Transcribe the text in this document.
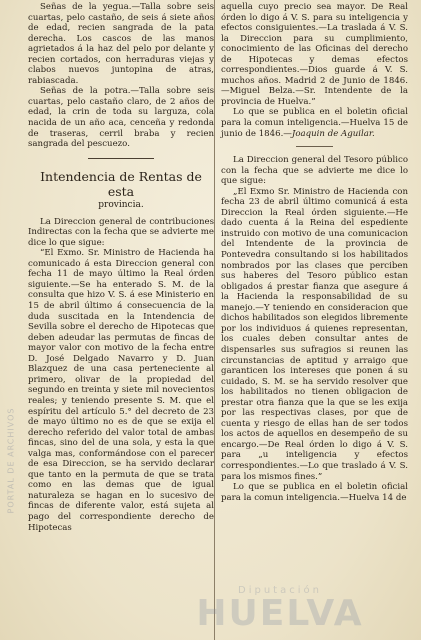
Señas de la yegua.—Talla sobre seis cuartas, pelo castaño, de seis á siete años de edad, recien sangrada de la pata derecha. Los cascos de las manos agrietados á la haz del pelo por delante y recien cortados, con herraduras viejas y clabos nuevos juntopina de atras, rabiascada.

Señas de la potra.—Talla sobre seis cuartas, pelo castaño claro, de 2 años de edad, la crin de toda su larguza, cola nacida de un año aca, cenceña y redonda de traseras, cerril braba y recien sangrada del pescuezo.

Intendencia de Rentas de esta

provincia.

La Direccion general de contribuciones Indirectas con la fecha que se advierte me dice lo que sigue:

“El Exmo. Sr. Ministro de Hacienda ha comunicado á esta Direccion general con fecha 11 de mayo último la Real órden siguiente.—Se ha enterado S. M. de la consulta que hizo V. S. á ese Ministerio en 15 de abril último á consecuencia de la duda suscitada en la Intendencia de Sevilla sobre el derecho de Hipotecas que deben adeudar las permutas de fincas de mayor valor con motivo de la fecha entre D. José Delgado Navarro y D. Juan Blazquez de una casa perteneciente al primero, olivar de la propiedad del segundo en treinta y siete mil novecientos reales; y teniendo presente S. M. que el espíritu del artículo 5.° del decreto de 23 de mayo último no es de que se exija el derecho referido del valor total de ambas fincas, sino del de una sola, y esta la que valga mas, conformándose con el parecer de esa Direccion, se ha servido declarar que tanto en la permuta de que se trata como en las demas que de igual naturaleza se hagan en lo sucesivo de fincas de diferente valor, está sujeta al pago del correspondiente derecho de Hipotecas

aquella cuyo precio sea mayor. De Real órden lo digo á V. S. para su inteligencia y efectos consiguientes.—La traslada á V. S. la Direccion para su cumplimiento, conocimiento de las Oficinas del derecho de Hipotecas y demas efectos correspondientes.—Dios guarde á V. S. muchos años. Madrid 2 de Junio de 1846.—Miguel Belza.—Sr. Intendente de la provincia de Huelva.”

Lo que se publica en el boletin oficial para la comun inteligencia.—Huelva 15 de junio de 1846.—Joaquin de Aguilar.

La Direccion general del Tesoro público con la fecha que se advierte me dice lo que sigue:

„El Exmo Sr. Ministro de Hacienda con fecha 23 de abril último comunicá á esta Direccion la Real órden siguiente.—He dado cuenta á la Reina del espediente instruido con motivo de una comunicacion del Intendente de la provincia de Pontevedra consultando si los habilitados nombrados por las clases que perciben sus haberes del Tesoro público estan obligados á prestar fianza que asegure á la Hacienda la responsabilidad de su manejo.—Y teniendo en consideracion que dichos habilitados son elegidos libremente por los individuos á quienes representan, los cuales deben consultar antes de dispensarles sus sufragios si reunen las circunstancias de aptitud y arraigo que garanticen los intereses que ponen á su cuidado, S. M. se ha servido resolver que los habilitados no tienen obligacion de prestar otra fianza que la que se les exija por las respectivas clases, por que de cuenta y riesgo de ellas han de ser todos los actos de aquellos en desempeño de su encargo.—De Real órden lo digo á V. S. para „u inteligencia y efectos correspondientes.—Lo que traslado á V. S. para los mismos fines.”

Lo que se publica en el boletin oficial para la comun inteligencia.—Huelva 14 de

PORTAL DE ARCHIVOS
Diputación
HUELVA
